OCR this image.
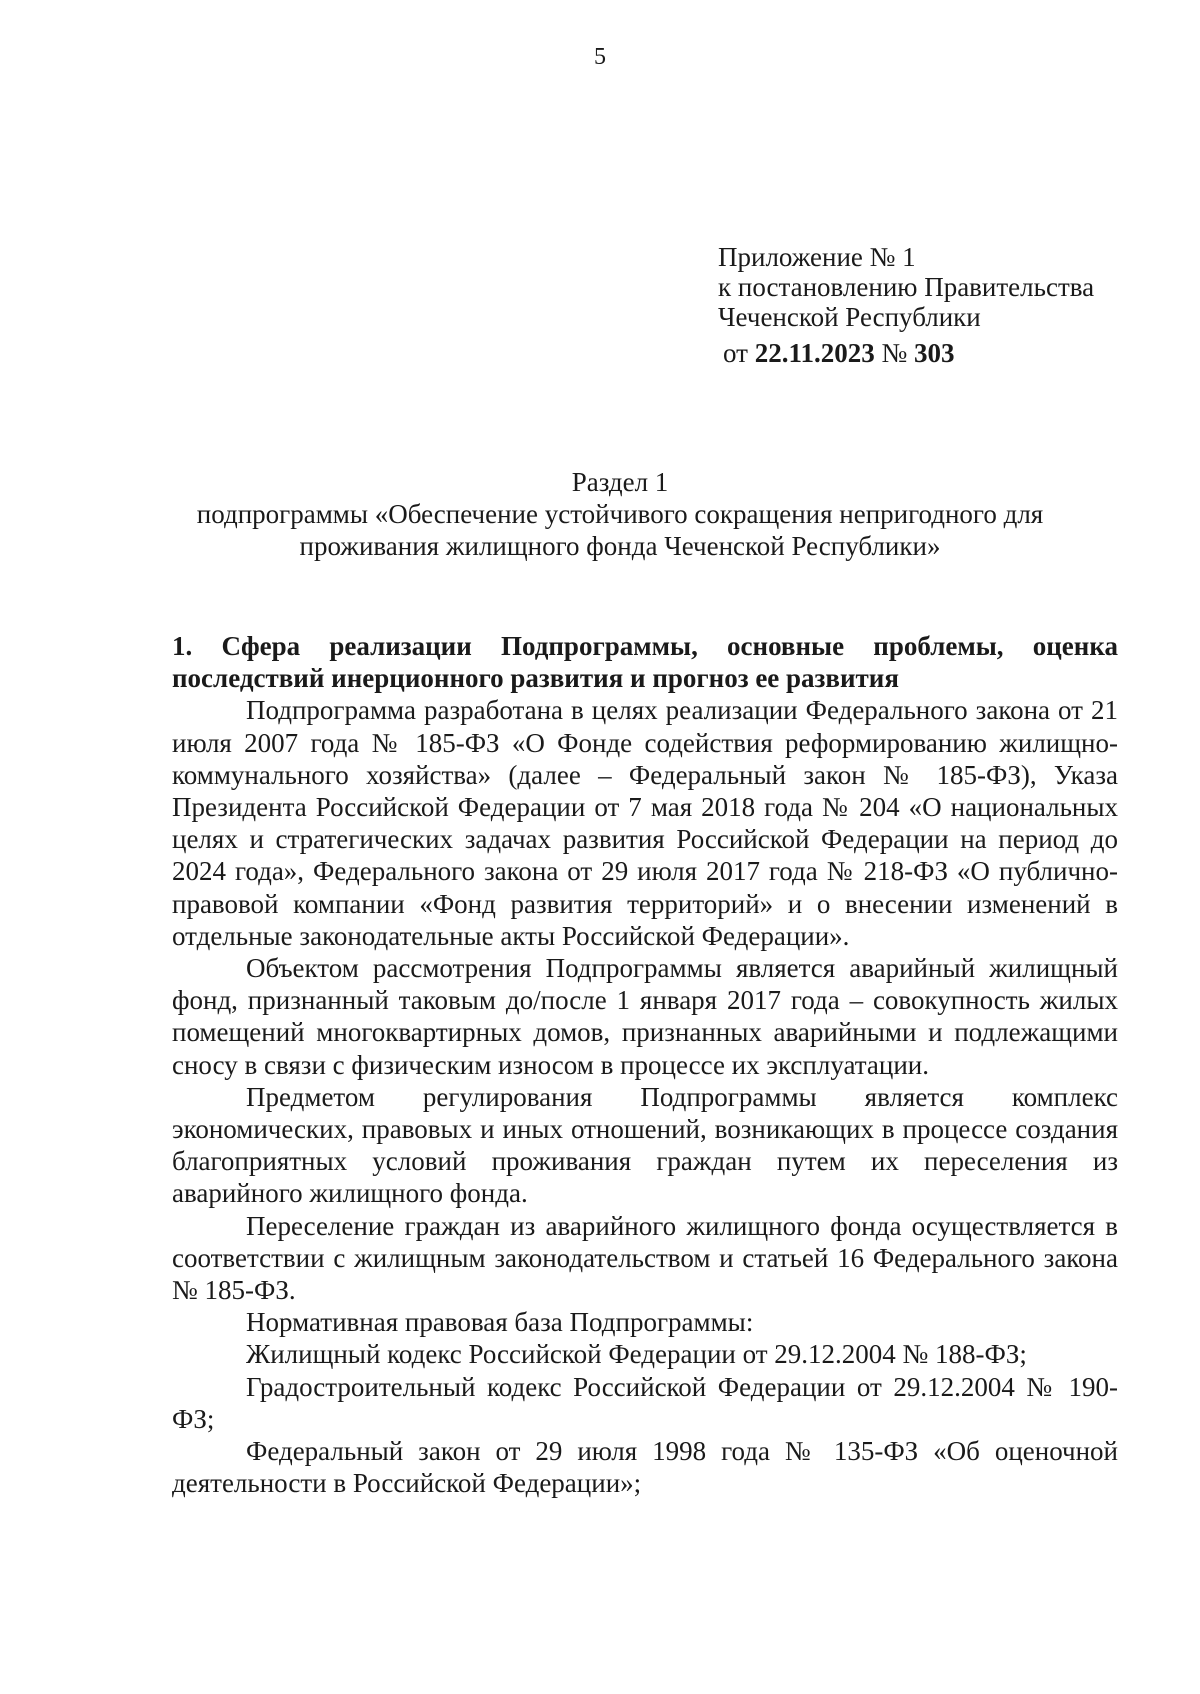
5
Приложение № 1
к постановлению Правительства
Чеченской Республики
от 22.11.2023 № 303
Раздел 1
подпрограммы «Обеспечение устойчивого сокращения непригодного для
проживания жилищного фонда Чеченской Республики»

1. Сфера реализации Подпрограммы, основные проблемы, оценка последствий инерционного развития и прогноз ее развития

Подпрограмма разработана в целях реализации Федерального закона от 21 июля 2007 года № 185-ФЗ «О Фонде содействия реформированию жилищно-коммунального хозяйства» (далее – Федеральный закон № 185-ФЗ), Указа Президента Российской Федерации от 7 мая 2018 года № 204 «О национальных целях и стратегических задачах развития Российской Федерации на период до 2024 года», Федерального закона от 29 июля 2017 года № 218-ФЗ «О публично-правовой компании «Фонд развития территорий» и о внесении изменений в отдельные законодательные акты Российской Федерации».

Объектом рассмотрения Подпрограммы является аварийный жилищный фонд, признанный таковым до/после 1 января 2017 года – совокупность жилых помещений многоквартирных домов, признанных аварийными и подлежащими сносу в связи с физическим износом в процессе их эксплуатации.

Предметом регулирования Подпрограммы является комплекс экономических, правовых и иных отношений, возникающих в процессе создания благоприятных условий проживания граждан путем их переселения из аварийного жилищного фонда.

Переселение граждан из аварийного жилищного фонда осуществляется в соответствии с жилищным законодательством и статьей 16 Федерального закона № 185-ФЗ.

Нормативная правовая база Подпрограммы:

Жилищный кодекс Российской Федерации от 29.12.2004 № 188-ФЗ;

Градостроительный кодекс Российской Федерации от 29.12.2004 № 190-ФЗ;

Федеральный закон от 29 июля 1998 года № 135-ФЗ «Об оценочной деятельности в Российской Федерации»;
